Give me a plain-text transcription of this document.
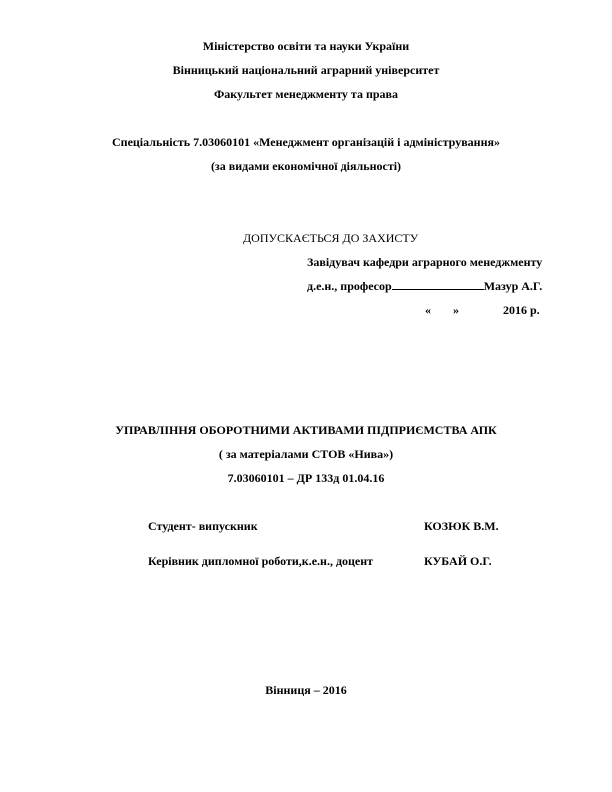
Міністерство освіти та науки України
Вінницький національний аграрний університет
Факультет менеджменту та права
Спеціальність 7.03060101 «Менеджмент організацій і адміністрування»
(за видами економічної діяльності)
ДОПУСКАЄТЬСЯ ДО ЗАХИСТУ
Завідувач кафедри аграрного менеджменту
д.е.н., професор	Мазур А.Г.
« »	2016 р.
УПРАВЛІННЯ ОБОРОТНИМИ АКТИВАМИ ПІДПРИЄМСТВА АПК
( за матеріалами СТОВ «Нива»)
7.03060101 – ДР 133д 01.04.16
Студент- випускник	КОЗЮК В.М.
Керівник дипломної роботи,к.е.н., доцент	КУБАЙ О.Г.
Вінниця – 2016
